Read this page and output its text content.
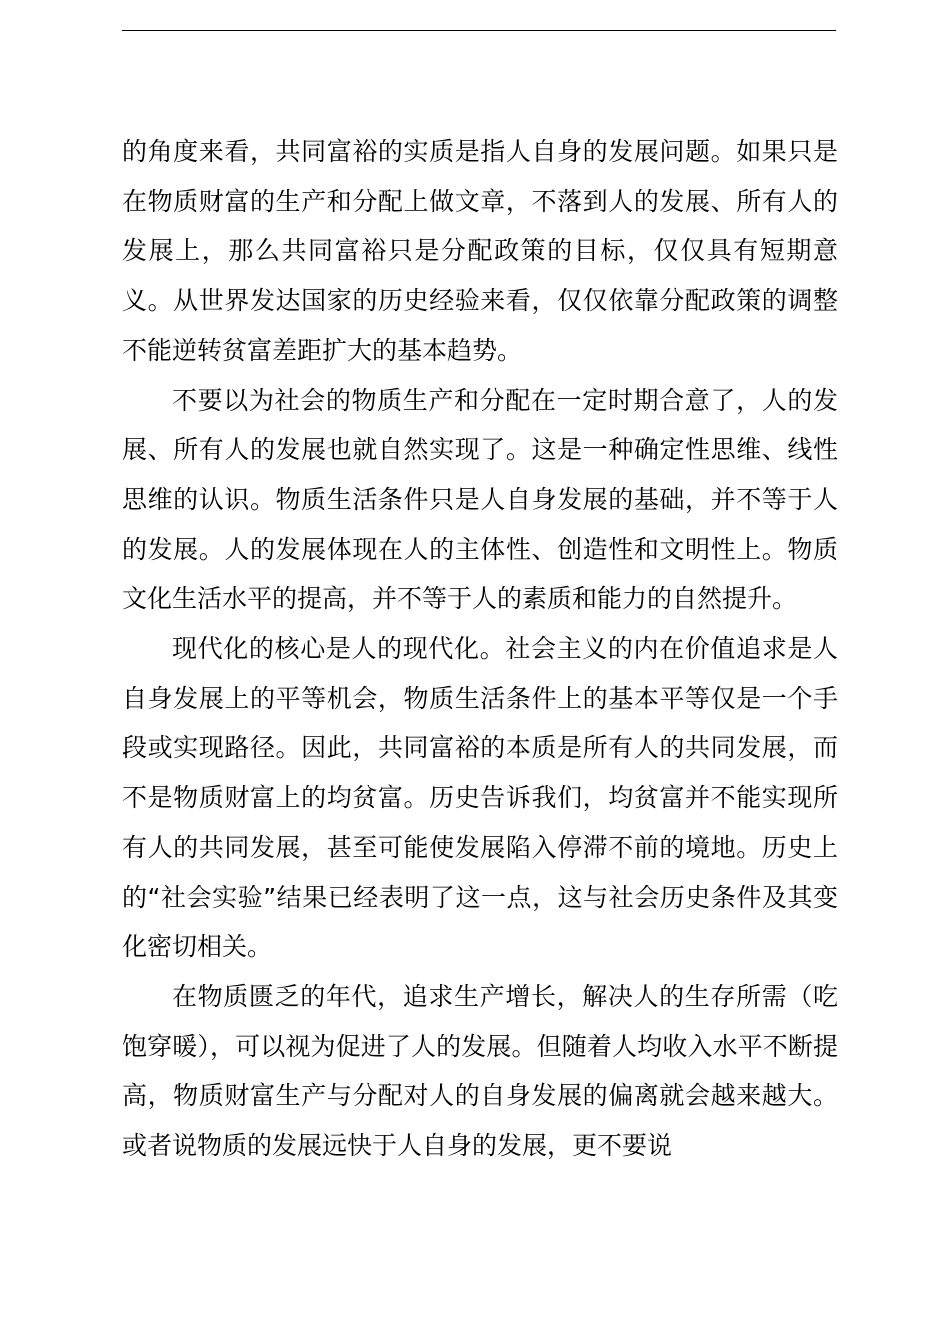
的角度来看，共同富裕的实质是指人自身的发展问题。如果只是在物质财富的生产和分配上做文章，不落到人的发展、所有人的发展上，那么共同富裕只是分配政策的目标，仅仅具有短期意义。从世界发达国家的历史经验来看，仅仅依靠分配政策的调整不能逆转贫富差距扩大的基本趋势。

不要以为社会的物质生产和分配在一定时期合意了，人的发展、所有人的发展也就自然实现了。这是一种确定性思维、线性思维的认识。物质生活条件只是人自身发展的基础，并不等于人的发展。人的发展体现在人的主体性、创造性和文明性上。物质文化生活水平的提高，并不等于人的素质和能力的自然提升。

现代化的核心是人的现代化。社会主义的内在价值追求是人自身发展上的平等机会，物质生活条件上的基本平等仅是一个手段或实现路径。因此，共同富裕的本质是所有人的共同发展，而不是物质财富上的均贫富。历史告诉我们，均贫富并不能实现所有人的共同发展，甚至可能使发展陷入停滞不前的境地。历史上的“社会实验”结果已经表明了这一点，这与社会历史条件及其变化密切相关。

在物质匮乏的年代，追求生产增长，解决人的生存所需（吃饱穿暖），可以视为促进了人的发展。但随着人均收入水平不断提高，物质财富生产与分配对人的自身发展的偏离就会越来越大。或者说物质的发展远快于人自身的发展，更不要说
